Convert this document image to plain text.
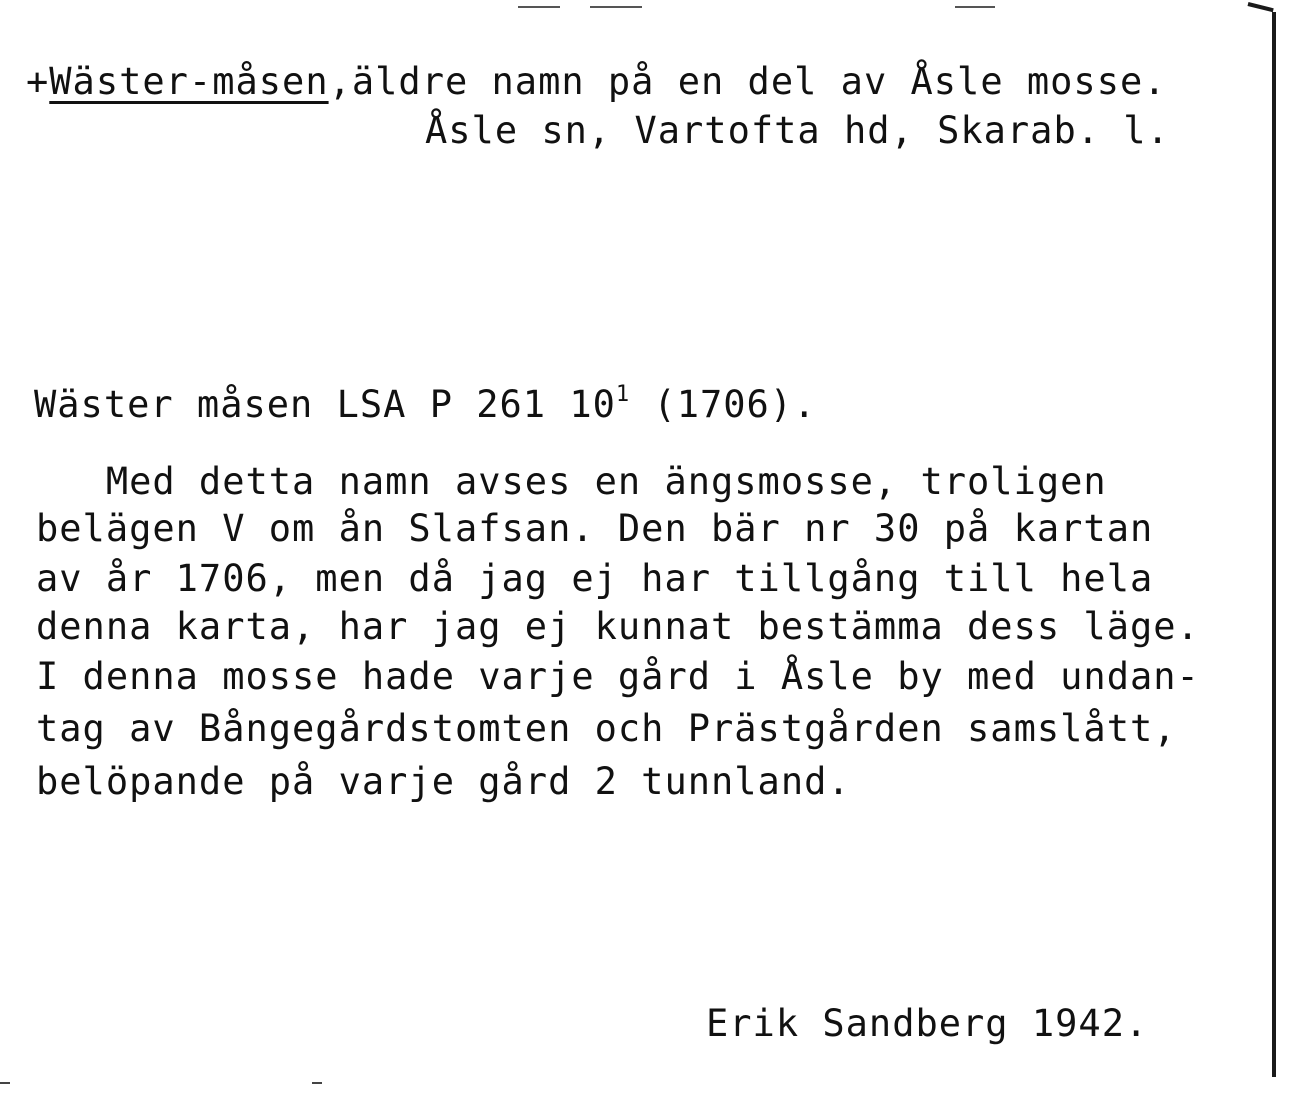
+Wäster-måsen,äldre namn på en del av Åsle mosse.
Åsle sn, Vartofta hd, Skarab. l.
Wäster måsen LSA P 261 $10^1$ (1706).
Med detta namn avses en ängsmosse, troligen
belägen V om ån Slafsan. Den bär nr 30 på kartan
av år 1706, men då jag ej har tillgång till hela
denna karta, har jag ej kunnat bestämma dess läge.
I denna mosse hade varje gård i Åsle by med undan-
tag av Bångegårdstomten och Prästgården samslått,
belöpande på varje gård 2 tunnland.
Erik Sandberg 1942.
